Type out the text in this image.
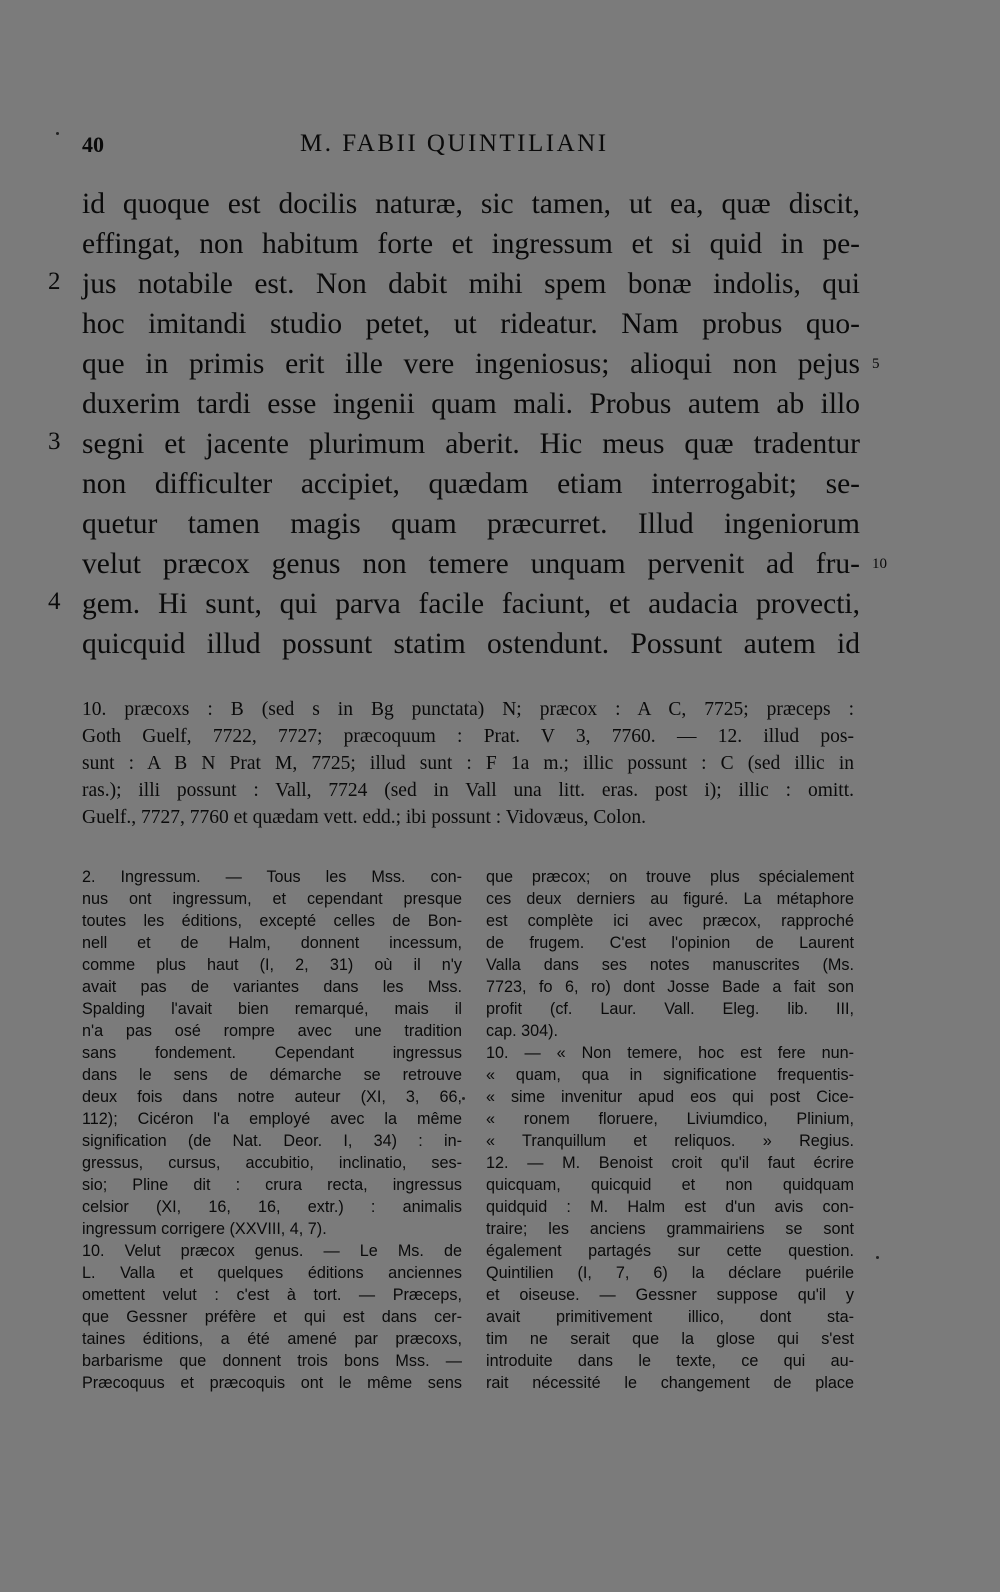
40	M. FABII QUINTILIANI
id quoque est docilis naturæ, sic tamen, ut ea, quæ discit,
effingat, non habitum forte et ingressum et si quid in pe-
jus notabile est. Non dabit mihi spem bonæ indolis, qui
hoc imitandi studio petet, ut rideatur. Nam probus quo-
que in primis erit ille vere ingeniosus; alioqui non pejus
duxerim tardi esse ingenii quam mali. Probus autem ab illo
segni et jacente plurimum aberit. Hic meus quæ tradentur
non difficulter accipiet, quædam etiam interrogabit; se-
quetur tamen magis quam præcurret. Illud ingeniorum
velut præcox genus non temere unquam pervenit ad fru-
gem. Hi sunt, qui parva facile faciunt, et audacia provecti,
quicquid illud possunt statim ostendunt. Possunt autem id
2
3
4
5
10
10. præcoxs : B (sed s in Bg punctata) N; præcox : A C, 7725; præceps :
Goth Guelf, 7722, 7727; præcoquum : Prat. V 3, 7760. — 12. illud pos-
sunt : A B N Prat M, 7725; illud sunt : F 1a m.; illic possunt : C (sed illic in
ras.); illi possunt : Vall, 7724 (sed in Vall una litt. eras. post i); illic : omitt.
Guelf., 7727, 7760 et quædam vett. edd.; ibi possunt : Vidovæus, Colon.
2. Ingressum. — Tous les Mss. con-
nus ont ingressum, et cependant presque
toutes les éditions, excepté celles de Bon-
nell et de Halm, donnent incessum,
comme plus haut (I, 2, 31) où il n'y
avait pas de variantes dans les Mss.
Spalding l'avait bien remarqué, mais il
n'a pas osé rompre avec une tradition
sans fondement. Cependant ingressus
dans le sens de démarche se retrouve
deux fois dans notre auteur (XI, 3, 66,
112); Cicéron l'a employé avec la même
signification (de Nat. Deor. I, 34) : in-
gressus, cursus, accubitio, inclinatio, ses-
sio; Pline dit : crura recta, ingressus
celsior (XI, 16, 16, extr.) : animalis
ingressum corrigere (XXVIII, 4, 7).
10. Velut præcox genus. — Le Ms. de
L. Valla et quelques éditions anciennes
omettent velut : c'est à tort. — Præceps,
que Gessner préfère et qui est dans cer-
taines éditions, a été amené par præcoxs,
barbarisme que donnent trois bons Mss. —
Præcoquus et præcoquis ont le même sens
que præcox; on trouve plus spécialement
ces deux derniers au figuré. La métaphore
est complète ici avec præcox, rapproché
de frugem. C'est l'opinion de Laurent
Valla dans ses notes manuscrites (Ms.
7723, fo 6, ro) dont Josse Bade a fait son
profit (cf. Laur. Vall. Eleg. lib. III,
cap. 304).
10. — « Non temere, hoc est fere nun-
« quam, qua in significatione frequentis-
« sime invenitur apud eos qui post Cice-
« ronem floruere, Liviumdico, Plinium,
« Tranquillum et reliquos. » Regius.
12. — M. Benoist croit qu'il faut écrire
quicquam, quicquid et non quidquam
quidquid : M. Halm est d'un avis con-
traire; les anciens grammairiens se sont
également partagés sur cette question.
Quintilien (I, 7, 6) la déclare puérile
et oiseuse. — Gessner suppose qu'il y
avait primitivement illico, dont sta-
tim ne serait que la glose qui s'est
introduite dans le texte, ce qui au-
rait nécessité le changement de place
